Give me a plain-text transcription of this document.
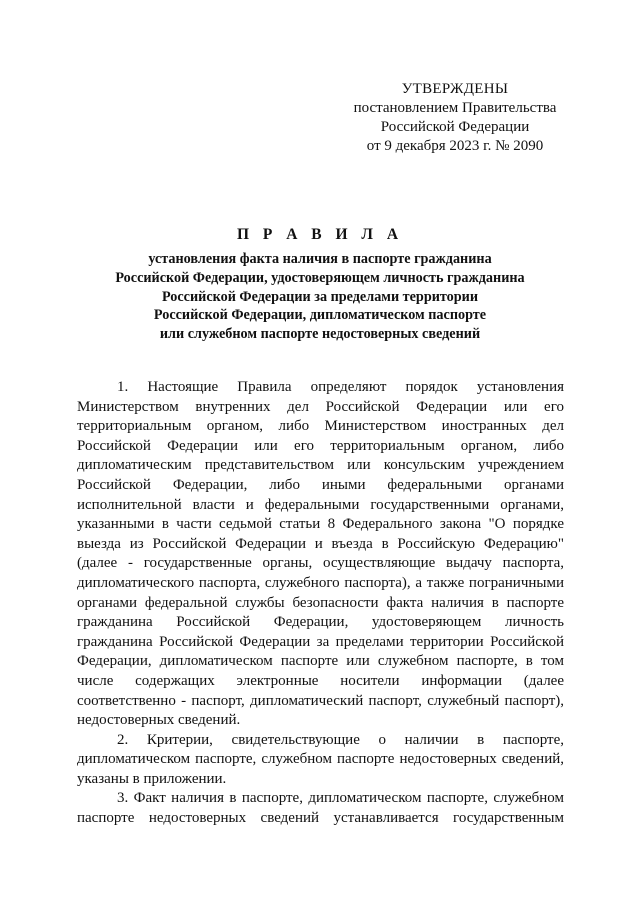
УТВЕРЖДЕНЫ
постановлением Правительства
Российской Федерации
от 9 декабря 2023 г. № 2090
П Р А В И Л А
установления факта наличия в паспорте гражданина
Российской Федерации, удостоверяющем личность гражданина
Российской Федерации за пределами территории
Российской Федерации, дипломатическом паспорте
или служебном паспорте недостоверных сведений
1. Настоящие Правила определяют порядок установления
Министерством внутренних дел Российской Федерации или его
территориальным органом, либо Министерством иностранных дел
Российской Федерации или его территориальным органом, либо
дипломатическим представительством или консульским учреждением
Российской Федерации, либо иными федеральными органами
исполнительной власти и федеральными государственными органами,
указанными в части седьмой статьи 8 Федерального закона "О порядке
выезда из Российской Федерации и въезда в Российскую Федерацию"
(далее - государственные органы, осуществляющие выдачу паспорта,
дипломатического паспорта, служебного паспорта), а также пограничными
органами федеральной службы безопасности факта наличия в паспорте
гражданина Российской Федерации, удостоверяющем личность
гражданина Российской Федерации за пределами территории Российской
Федерации, дипломатическом паспорте или служебном паспорте, в том
числе содержащих электронные носители информации (далее
соответственно - паспорт, дипломатический паспорт, служебный паспорт),
недостоверных сведений.
2. Критерии, свидетельствующие о наличии в паспорте,
дипломатическом паспорте, служебном паспорте недостоверных сведений,
указаны в приложении.
3. Факт наличия в паспорте, дипломатическом паспорте, служебном
паспорте недостоверных сведений устанавливается государственным
